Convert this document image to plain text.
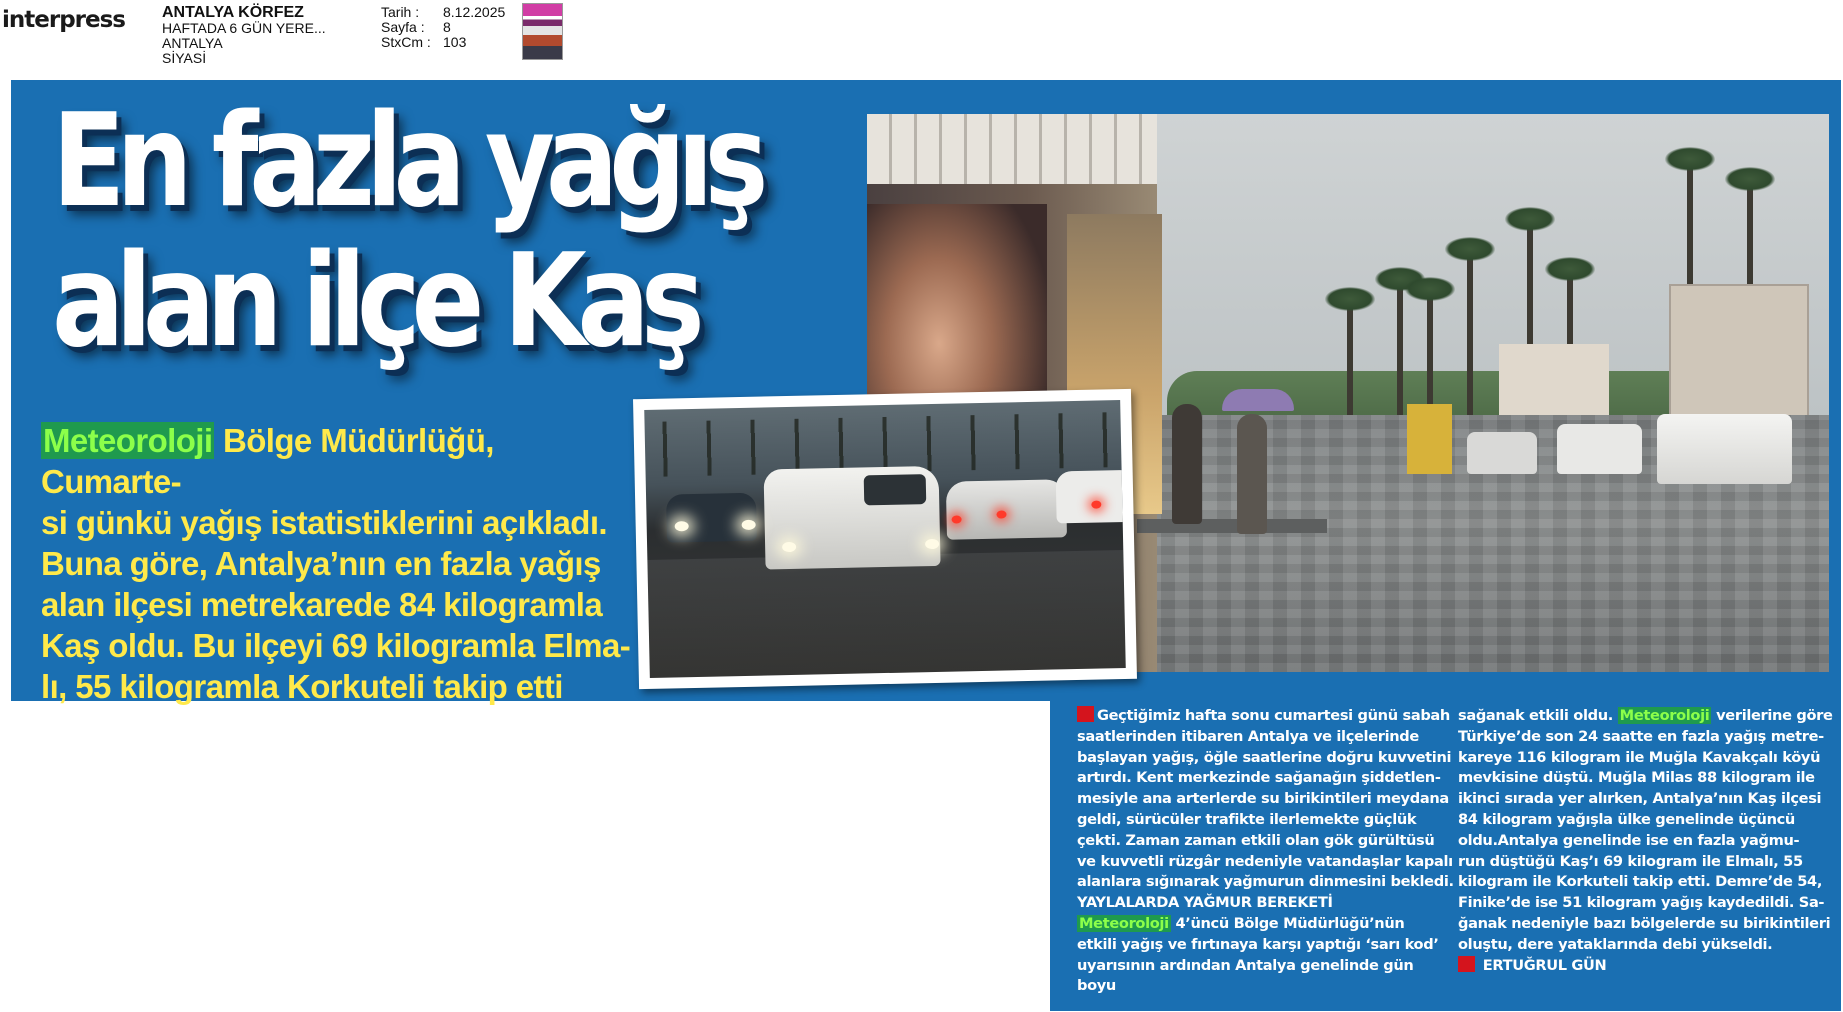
interpress ANTALYA KÖRFEZ
HAFTADA 6 GÜN YERE...
ANTALYA
SİYASİ
Tarih :	8.12.2025
Sayfa :	8
StxCm : 103
En fazla yağış
alan ilçe Kaş
Meteoroloji Bölge Müdürlüğü, Cumarte-
si günkü yağış istatistiklerini açıkladı.
Buna göre, Antalya’nın en fazla yağış
alan ilçesi metrekarede 84 kilogramla
Kaş oldu. Bu ilçeyi 69 kilogramla Elma-
lı, 55 kilogramla Korkuteli takip etti

Geçtiğimiz hafta sonu cumartesi günü sabah

saatlerinden itibaren Antalya ve ilçelerinde

başlayan yağış, öğle saatlerine doğru kuvvetini

artırdı. Kent merkezinde sağanağın şiddetlen-

mesiyle ana arterlerde su birikintileri meydana

geldi, sürücüler trafikte ilerlemekte güçlük

çekti. Zaman zaman etkili olan gök gürültüsü

ve kuvvetli rüzgâr nedeniyle vatandaşlar kapalı

alanlara sığınarak yağmurun dinmesini bekledi.

YAYLALARDA YAĞMUR BEREKETİ

Meteoroloji 4’üncü Bölge Müdürlüğü’nün

etkili yağış ve fırtınaya karşı yaptığı ‘sarı kod’

uyarısının ardından Antalya genelinde gün boyu

sağanak etkili oldu. Meteoroloji verilerine göre

Türkiye’de son 24 saatte en fazla yağış metre-

kareye 116 kilogram ile Muğla Kavakçalı köyü

mevkisine düştü. Muğla Milas 88 kilogram ile

ikinci sırada yer alırken, Antalya’nın Kaş ilçesi

84 kilogram yağışla ülke genelinde üçüncü

oldu.Antalya genelinde ise en fazla yağmu-

run düştüğü Kaş’ı 69 kilogram ile Elmalı, 55

kilogram ile Korkuteli takip etti. Demre’de 54,

Finike’de ise 51 kilogram yağış kaydedildi. Sa-

ğanak nedeniyle bazı bölgelerde su birikintileri

oluştu, dere yataklarında debi yükseldi.

ERTUĞRUL GÜN
